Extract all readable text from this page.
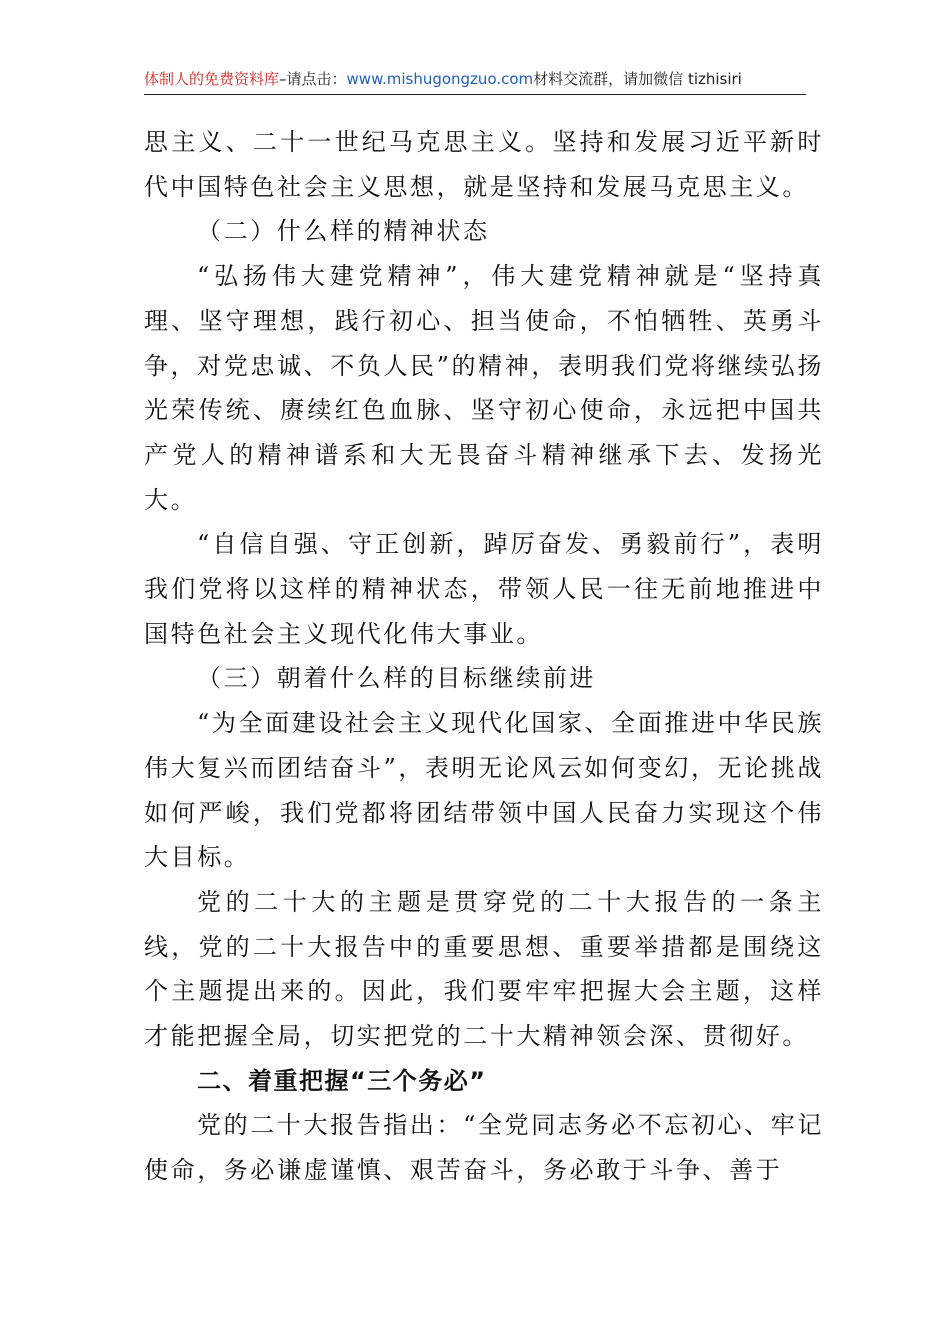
体制人的免费资料库–请点击：www.mishugongzuo.com材料交流群，请加微信 tizhisiri

思主义、二十一世纪马克思主义。坚持和发展习近平新时代中国特色社会主义思想，就是坚持和发展马克思主义。

（二）什么样的精神状态

“弘扬伟大建党精神”，伟大建党精神就是“坚持真理、坚守理想，践行初心、担当使命，不怕牺牲、英勇斗争，对党忠诚、不负人民”的精神，表明我们党将继续弘扬光荣传统、赓续红色血脉、坚守初心使命，永远把中国共产党人的精神谱系和大无畏奋斗精神继承下去、发扬光大。

“自信自强、守正创新，踔厉奋发、勇毅前行”，表明我们党将以这样的精神状态，带领人民一往无前地推进中国特色社会主义现代化伟大事业。

（三）朝着什么样的目标继续前进

“为全面建设社会主义现代化国家、全面推进中华民族伟大复兴而团结奋斗”，表明无论风云如何变幻，无论挑战如何严峻，我们党都将团结带领中国人民奋力实现这个伟大目标。

党的二十大的主题是贯穿党的二十大报告的一条主线，党的二十大报告中的重要思想、重要举措都是围绕这个主题提出来的。因此，我们要牢牢把握大会主题，这样才能把握全局，切实把党的二十大精神领会深、贯彻好。

二、着重把握“三个务必”

党的二十大报告指出：“全党同志务必不忘初心、牢记使命，务必谦虚谨慎、艰苦奋斗，务必敢于斗争、善于
